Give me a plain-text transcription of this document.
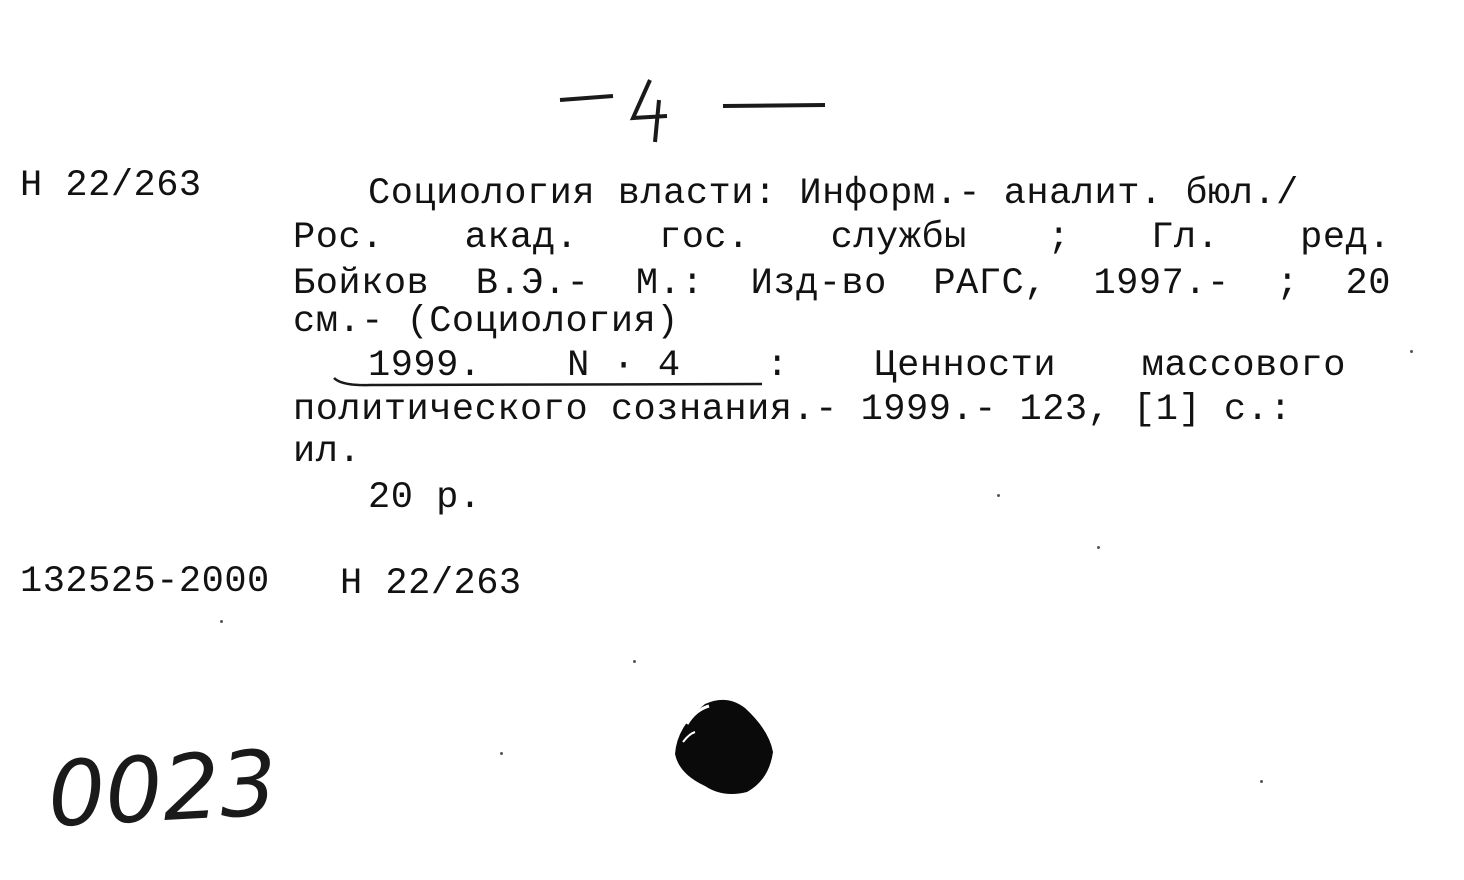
Н 22/263	Социология власти: Информ.- аналит. бюл./
Рос. акад. гос. службы ; Гл. ред.
Бойков В.Э.- М.: Изд-во РАГС, 1997.- ; 20
см.- (Социология)
1999. N · 4 : Ценности массового
политического сознания.- 1999.- 123, [1] с.:
ил.
20 р.
132525-2000 Н 22/263
0023
